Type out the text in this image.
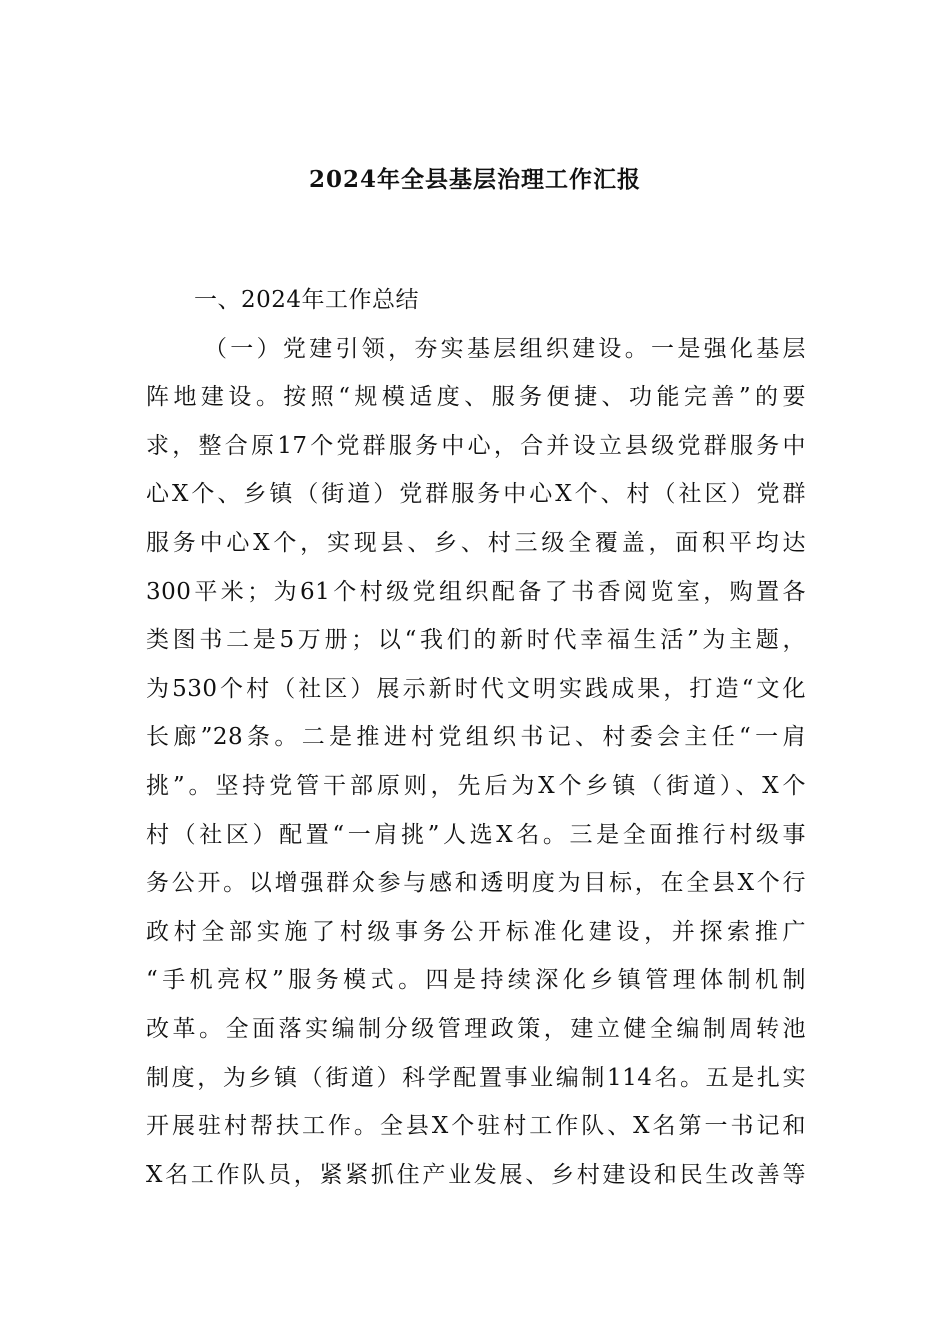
2024年全县基层治理工作汇报
一、2024年工作总结
（一）党建引领，夯实基层组织建设。一是强化基层
阵地建设。按照“规模适度、服务便捷、功能完善”的要
求，整合原17个党群服务中心，合并设立县级党群服务中
心X个、乡镇（街道）党群服务中心X个、村（社区）党群
服务中心X个，实现县、乡、村三级全覆盖，面积平均达
300平米；为61个村级党组织配备了书香阅览室，购置各
类图书二是5万册；以“我们的新时代幸福生活”为主题，
为530个村（社区）展示新时代文明实践成果，打造“文化
长廊”28条。二是推进村党组织书记、村委会主任“一肩
挑”。坚持党管干部原则，先后为X个乡镇（街道）、X个
村（社区）配置“一肩挑”人选X名。三是全面推行村级事
务公开。以增强群众参与感和透明度为目标，在全县X个行
政村全部实施了村级事务公开标准化建设，并探索推广
“手机亮权”服务模式。四是持续深化乡镇管理体制机制
改革。全面落实编制分级管理政策，建立健全编制周转池
制度，为乡镇（街道）科学配置事业编制114名。五是扎实
开展驻村帮扶工作。全县X个驻村工作队、X名第一书记和
X名工作队员，紧紧抓住产业发展、乡村建设和民生改善等
